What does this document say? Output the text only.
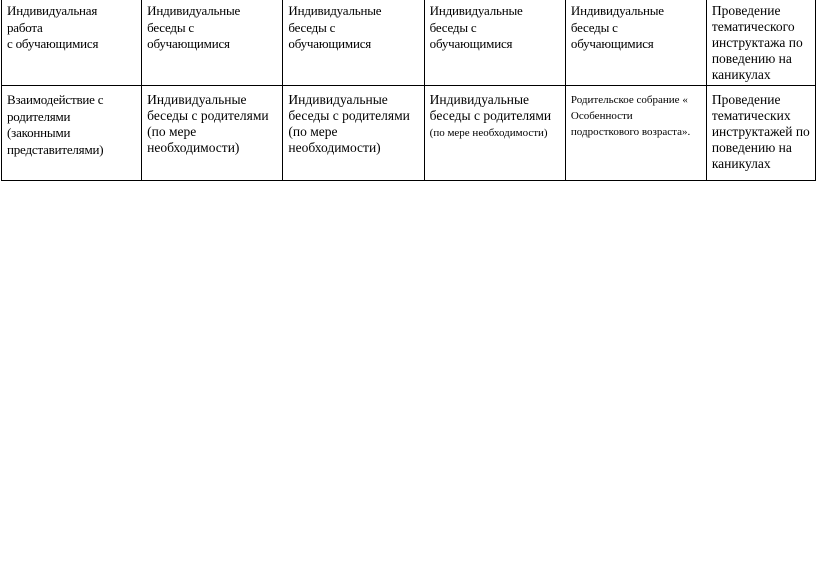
Индивидуальная
работа
с обучающимися	Индивидуальные
беседы с
обучающимися	Индивидуальные
беседы с
обучающимися	Индивидуальные
беседы с
обучающимися	Индивидуальные
беседы с
обучающимися	Проведение
тематического
инструктажа по
поведению на
каникулах
Взаимодействие с
родителями
(законными
представителями)	Индивидуальные
беседы с родителями
(по мере
необходимости)	Индивидуальные
беседы с родителями
(по мере
необходимости)	Индивидуальные
беседы с родителями
(по мере необходимости)	Родительское собрание «
Особенности
подросткового возраста».	Проведение
тематических
инструктажей по
поведению на
каникулах
